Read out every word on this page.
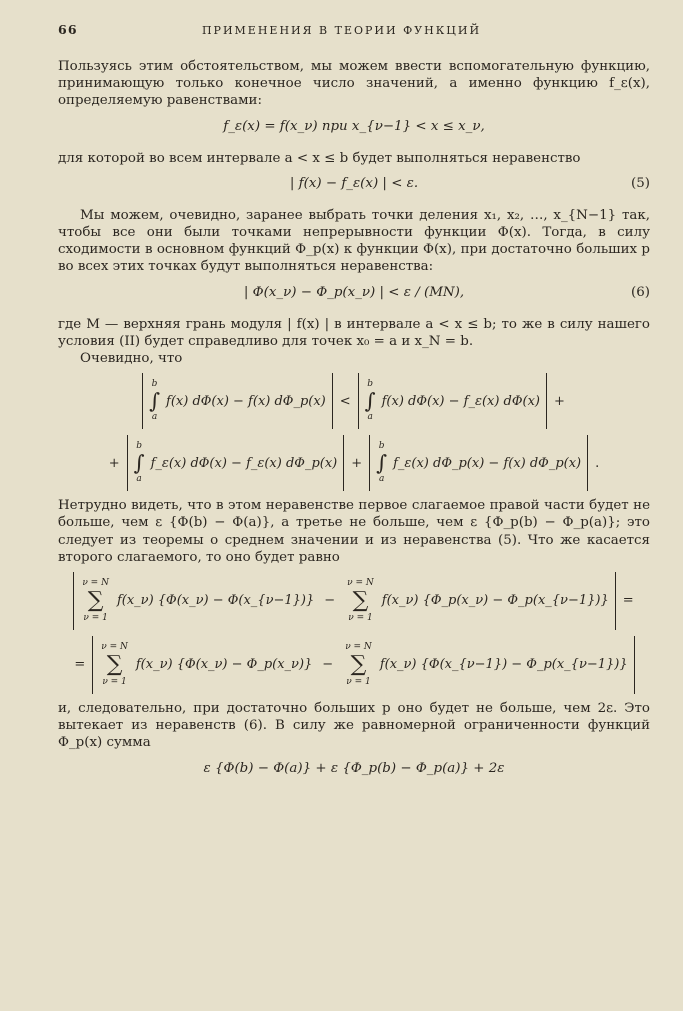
66	ПРИМЕНЕНИЯ В ТЕОРИИ ФУНКЦИЙ

Пользуясь этим обстоятельством, мы можем ввести вспомогательную функцию, принимающую только конечное число значений, а именно функцию f_ε(x), определяемую равенствами:

f_ε(x) = f(x_ν) при x_{ν−1} < x ≤ x_ν,

для которой во всем интервале a < x ≤ b будет выполняться неравенство

| f(x) − f_ε(x) | < ε.	(5)

Мы можем, очевидно, заранее выбрать точки деления x₁, x₂, …, x_{N−1} так, чтобы все они были точками непрерывности функции Φ(x). Тогда, в силу сходимости в основном функций Φ_p(x) к функции Φ(x), при достаточно больших p во всех этих точках будут выполняться неравенства:

| Φ(x_ν) − Φ_p(x_ν) | < ε / (MN),	(6)

где M — верхняя грань модуля | f(x) | в интервале a < x ≤ b; то же в силу нашего условия (II) будет справедливо для точек x₀ = a и x_N = b.

Очевидно, что

b
∫
a
f(x) dΦ(x) − f(x) dΦ_p(x) <
b
∫
a
f(x) dΦ(x) − f_ε(x) dΦ(x) +
+
b
∫
a
f_ε(x) dΦ(x) − f_ε(x) dΦ_p(x) +
b
∫
a
f_ε(x) dΦ_p(x) − f(x) dΦ_p(x) .

Нетрудно видеть, что в этом неравенстве первое слагаемое правой части будет не больше, чем ε {Φ(b) − Φ(a)}, а третье не больше, чем ε {Φ_p(b) − Φ_p(a)}; это следует из теоремы о среднем значении и из неравенства (5). Что же касается второго слагаемого, то оно будет равно

ν = N
∑
ν = 1
f(x_ν) {Φ(x_ν) − Φ(x_{ν−1})} −
ν = N
∑
ν = 1
f(x_ν) {Φ_p(x_ν) − Φ_p(x_{ν−1})} =
=
ν = N
∑
ν = 1
f(x_ν) {Φ(x_ν) − Φ_p(x_ν)} −
ν = N
∑
ν = 1
f(x_ν) {Φ(x_{ν−1}) − Φ_p(x_{ν−1})}

и, следовательно, при достаточно больших p оно будет не больше, чем 2ε. Это вытекает из неравенств (6). В силу же равномерной ограниченности функций Φ_p(x) сумма

ε {Φ(b) − Φ(a)} + ε {Φ_p(b) − Φ_p(a)} + 2ε
